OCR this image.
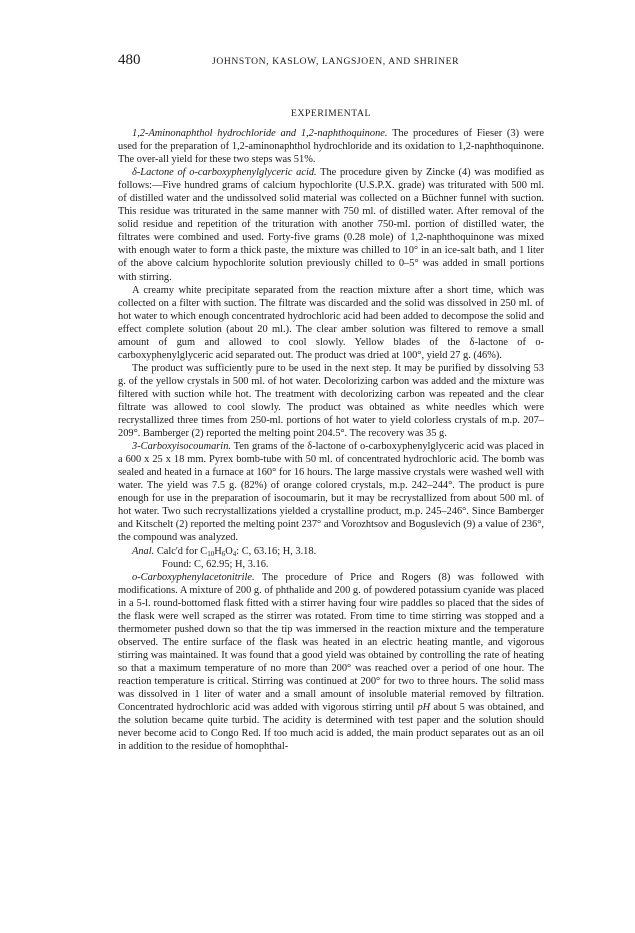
480	JOHNSTON, KASLOW, LANGSJOEN, AND SHRINER
EXPERIMENTAL

1,2-Aminonaphthol hydrochloride and 1,2-naphthoquinone. The procedures of Fieser (3) were used for the preparation of 1,2-aminonaphthol hydrochloride and its oxidation to 1,2-naphthoquinone. The over-all yield for these two steps was 51%.

δ-Lactone of o-carboxyphenylglyceric acid. The procedure given by Zincke (4) was modified as follows:—Five hundred grams of calcium hypochlorite (U.S.P.X. grade) was triturated with 500 ml. of distilled water and the undissolved solid material was collected on a Büchner funnel with suction. This residue was triturated in the same manner with 750 ml. of distilled water. After removal of the solid residue and repetition of the trituration with another 750-ml. portion of distilled water, the filtrates were combined and used. Forty-five grams (0.28 mole) of 1,2-naphthoquinone was mixed with enough water to form a thick paste, the mixture was chilled to 10° in an ice-salt bath, and 1 liter of the above calcium hypochlorite solution previously chilled to 0–5° was added in small portions with stirring.

A creamy white precipitate separated from the reaction mixture after a short time, which was collected on a filter with suction. The filtrate was discarded and the solid was dissolved in 250 ml. of hot water to which enough concentrated hydrochloric acid had been added to decompose the solid and effect complete solution (about 20 ml.). The clear amber solution was filtered to remove a small amount of gum and allowed to cool slowly. Yellow blades of the δ-lactone of o-carboxyphenylglyceric acid separated out. The product was dried at 100°, yield 27 g. (46%).

The product was sufficiently pure to be used in the next step. It may be purified by dissolving 53 g. of the yellow crystals in 500 ml. of hot water. Decolorizing carbon was added and the mixture was filtered with suction while hot. The treatment with decolorizing carbon was repeated and the clear filtrate was allowed to cool slowly. The product was obtained as white needles which were recrystallized three times from 250-ml. portions of hot water to yield colorless crystals of m.p. 207–209°. Bamberger (2) reported the melting point 204.5°. The recovery was 35 g.

3-Carboxyisocoumarin. Ten grams of the δ-lactone of o-carboxyphenylglyceric acid was placed in a 600 x 25 x 18 mm. Pyrex bomb-tube with 50 ml. of concentrated hydrochloric acid. The bomb was sealed and heated in a furnace at 160° for 16 hours. The large massive crystals were washed well with water. The yield was 7.5 g. (82%) of orange colored crystals, m.p. 242–244°. The product is pure enough for use in the preparation of isocoumarin, but it may be recrystallized from about 500 ml. of hot water. Two such recrystallizations yielded a crystalline product, m.p. 245–246°. Since Bamberger and Kitschelt (2) reported the melting point 237° and Vorozhtsov and Boguslevich (9) a value of 236°, the compound was analyzed.

Anal. Calc'd for $C_{10}H_6O_4$: C, 63.16; H, 3.18.

Found: C, 62.95; H, 3.16.

o-Carboxyphenylacetonitrile. The procedure of Price and Rogers (8) was followed with modifications. A mixture of 200 g. of phthalide and 200 g. of powdered potassium cyanide was placed in a 5-l. round-bottomed flask fitted with a stirrer having four wire paddles so placed that the sides of the flask were well scraped as the stirrer was rotated. From time to time stirring was stopped and a thermometer pushed down so that the tip was immersed in the reaction mixture and the temperature observed. The entire surface of the flask was heated in an electric heating mantle, and vigorous stirring was maintained. It was found that a good yield was obtained by controlling the rate of heating so that a maximum temperature of no more than 200° was reached over a period of one hour. The reaction temperature is critical. Stirring was continued at 200° for two to three hours. The solid mass was dissolved in 1 liter of water and a small amount of insoluble material removed by filtration. Concentrated hydrochloric acid was added with vigorous stirring until pH about 5 was obtained, and the solution became quite turbid. The acidity is determined with test paper and the solution should never become acid to Congo Red. If too much acid is added, the main product separates out as an oil in addition to the residue of homophthal-
